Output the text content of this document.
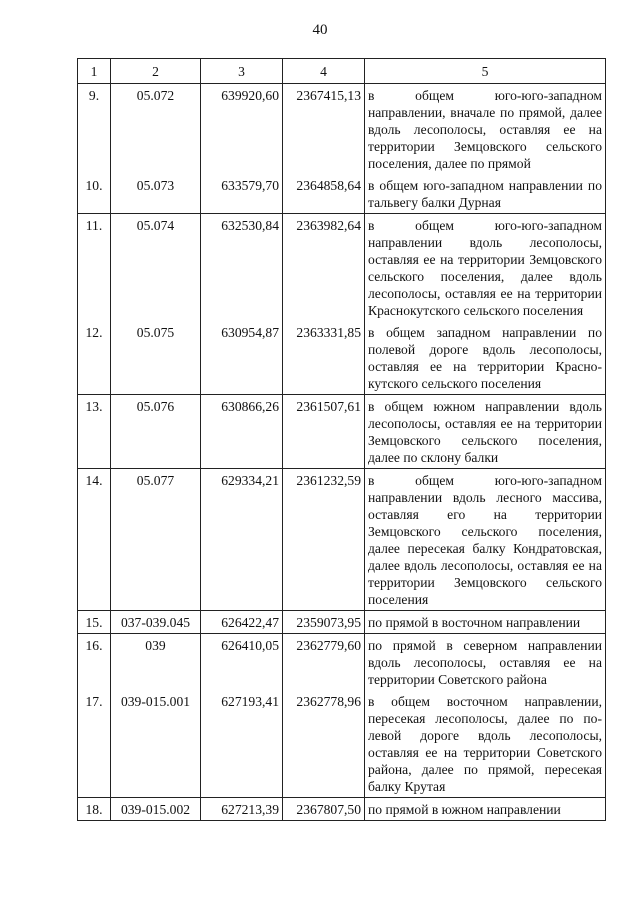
40
1	2	3	4	5
9.	05.072	639920,60	2367415,13	в общем юго-юго-западном направлении, вначале по прямой, далее вдоль лесополосы, оставляя ее на территории Земцовского сельского поселения, далее по прямой
10.	05.073	633579,70	2364858,64	в общем юго-западном направлении по тальвегу балки Дурная
11.	05.074	632530,84	2363982,64	в общем юго-юго-западном направлении вдоль лесополосы, оставляя ее на территории Земцовского сельского поселения, далее вдоль лесополосы, оставляя ее на территории Краснокутского сельского поселения
12.	05.075	630954,87	2363331,85	в общем западном направлении по полевой дороге вдоль лесополосы, оставляя ее на территории Краснокутского сельского поселения
13.	05.076	630866,26	2361507,61	в общем южном направлении вдоль лесополосы, оставляя ее на территории Земцовского сельского поселения, далее по склону балки
14.	05.077	629334,21	2361232,59	в общем юго-юго-западном направлении вдоль лесного массива, оставляя его на территории Земцовского сельского поселения, далее пересекая балку Кондратовская, далее вдоль лесополосы, оставляя ее на территории Земцовского сельского поселения
15.	037-039.045	626422,47	2359073,95	по прямой в восточном направлении
16.	039	626410,05	2362779,60	по прямой в северном направлении вдоль лесополосы, оставляя ее на территории Советского района
17.	039-015.001	627193,41	2362778,96	в общем восточном направлении, пересекая лесополосы, далее по полевой дороге вдоль лесополосы, оставляя ее на территории Советского района, далее по прямой, пересекая балку Крутая
18.	039-015.002	627213,39	2367807,50	по прямой в южном направлении
